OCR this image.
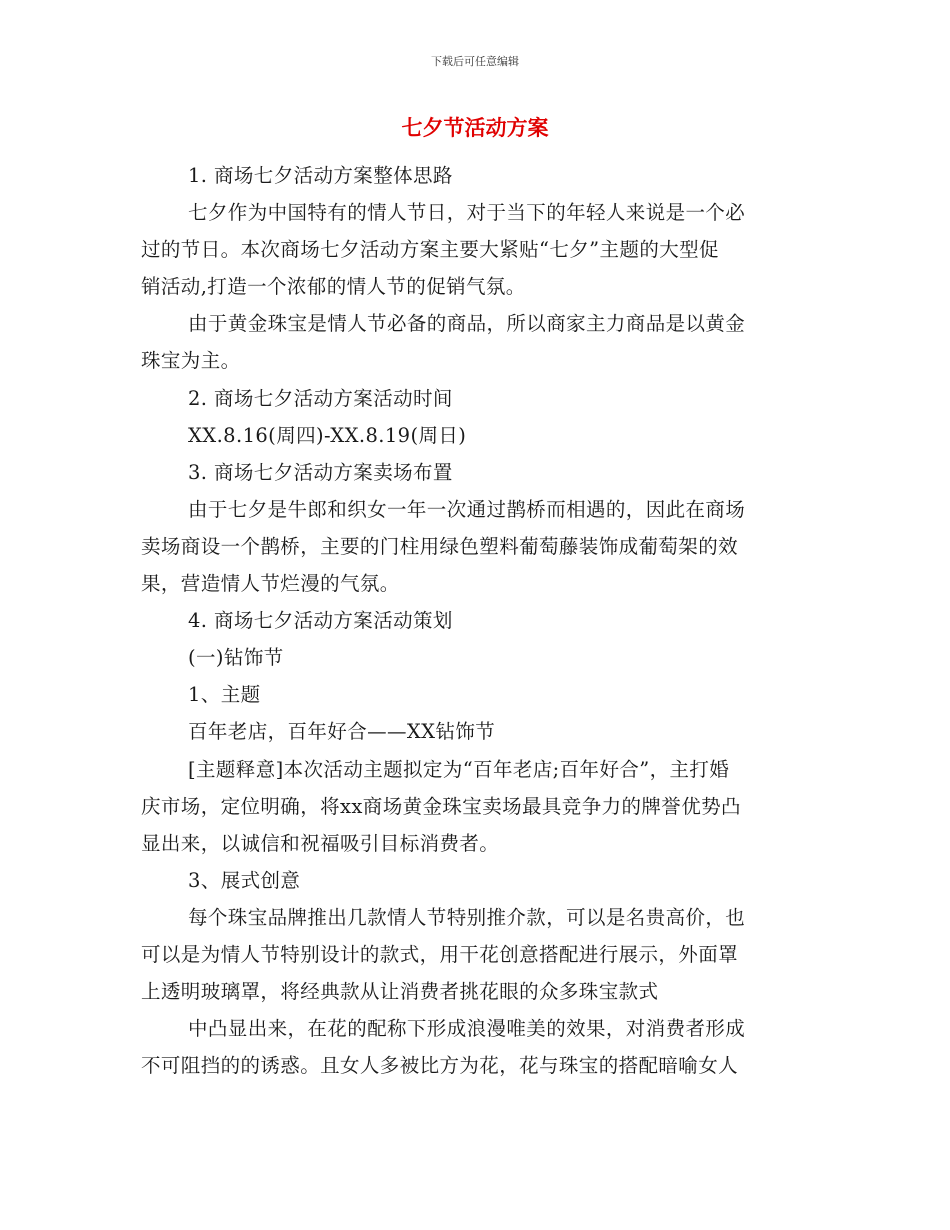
下载后可任意编辑
七夕节活动方案
1. 商场七夕活动方案整体思路
七夕作为中国特有的情人节日，对于当下的年轻人来说是一个必
过的节日。本次商场七夕活动方案主要大紧贴“七夕”主题的大型促
销活动,打造一个浓郁的情人节的促销气氛。
由于黄金珠宝是情人节必备的商品，所以商家主力商品是以黄金
珠宝为主。
2. 商场七夕活动方案活动时间
XX.8.16(周四)-XX.8.19(周日)
3. 商场七夕活动方案卖场布置
由于七夕是牛郎和织女一年一次通过鹊桥而相遇的，因此在商场
卖场商设一个鹊桥，主要的门柱用绿色塑料葡萄藤装饰成葡萄架的效
果，营造情人节烂漫的气氛。
4. 商场七夕活动方案活动策划
(一)钻饰节
1、主题
百年老店，百年好合——XX钻饰节
[主题释意]本次活动主题拟定为“百年老店;百年好合”，主打婚
庆市场，定位明确，将xx商场黄金珠宝卖场最具竞争力的牌誉优势凸
显出来，以诚信和祝福吸引目标消费者。
3、展式创意
每个珠宝品牌推出几款情人节特别推介款，可以是名贵高价，也
可以是为情人节特别设计的款式，用干花创意搭配进行展示，外面罩
上透明玻璃罩，将经典款从让消费者挑花眼的众多珠宝款式
中凸显出来，在花的配称下形成浪漫唯美的效果，对消费者形成
不可阻挡的的诱惑。且女人多被比方为花，花与珠宝的搭配暗喻女人
